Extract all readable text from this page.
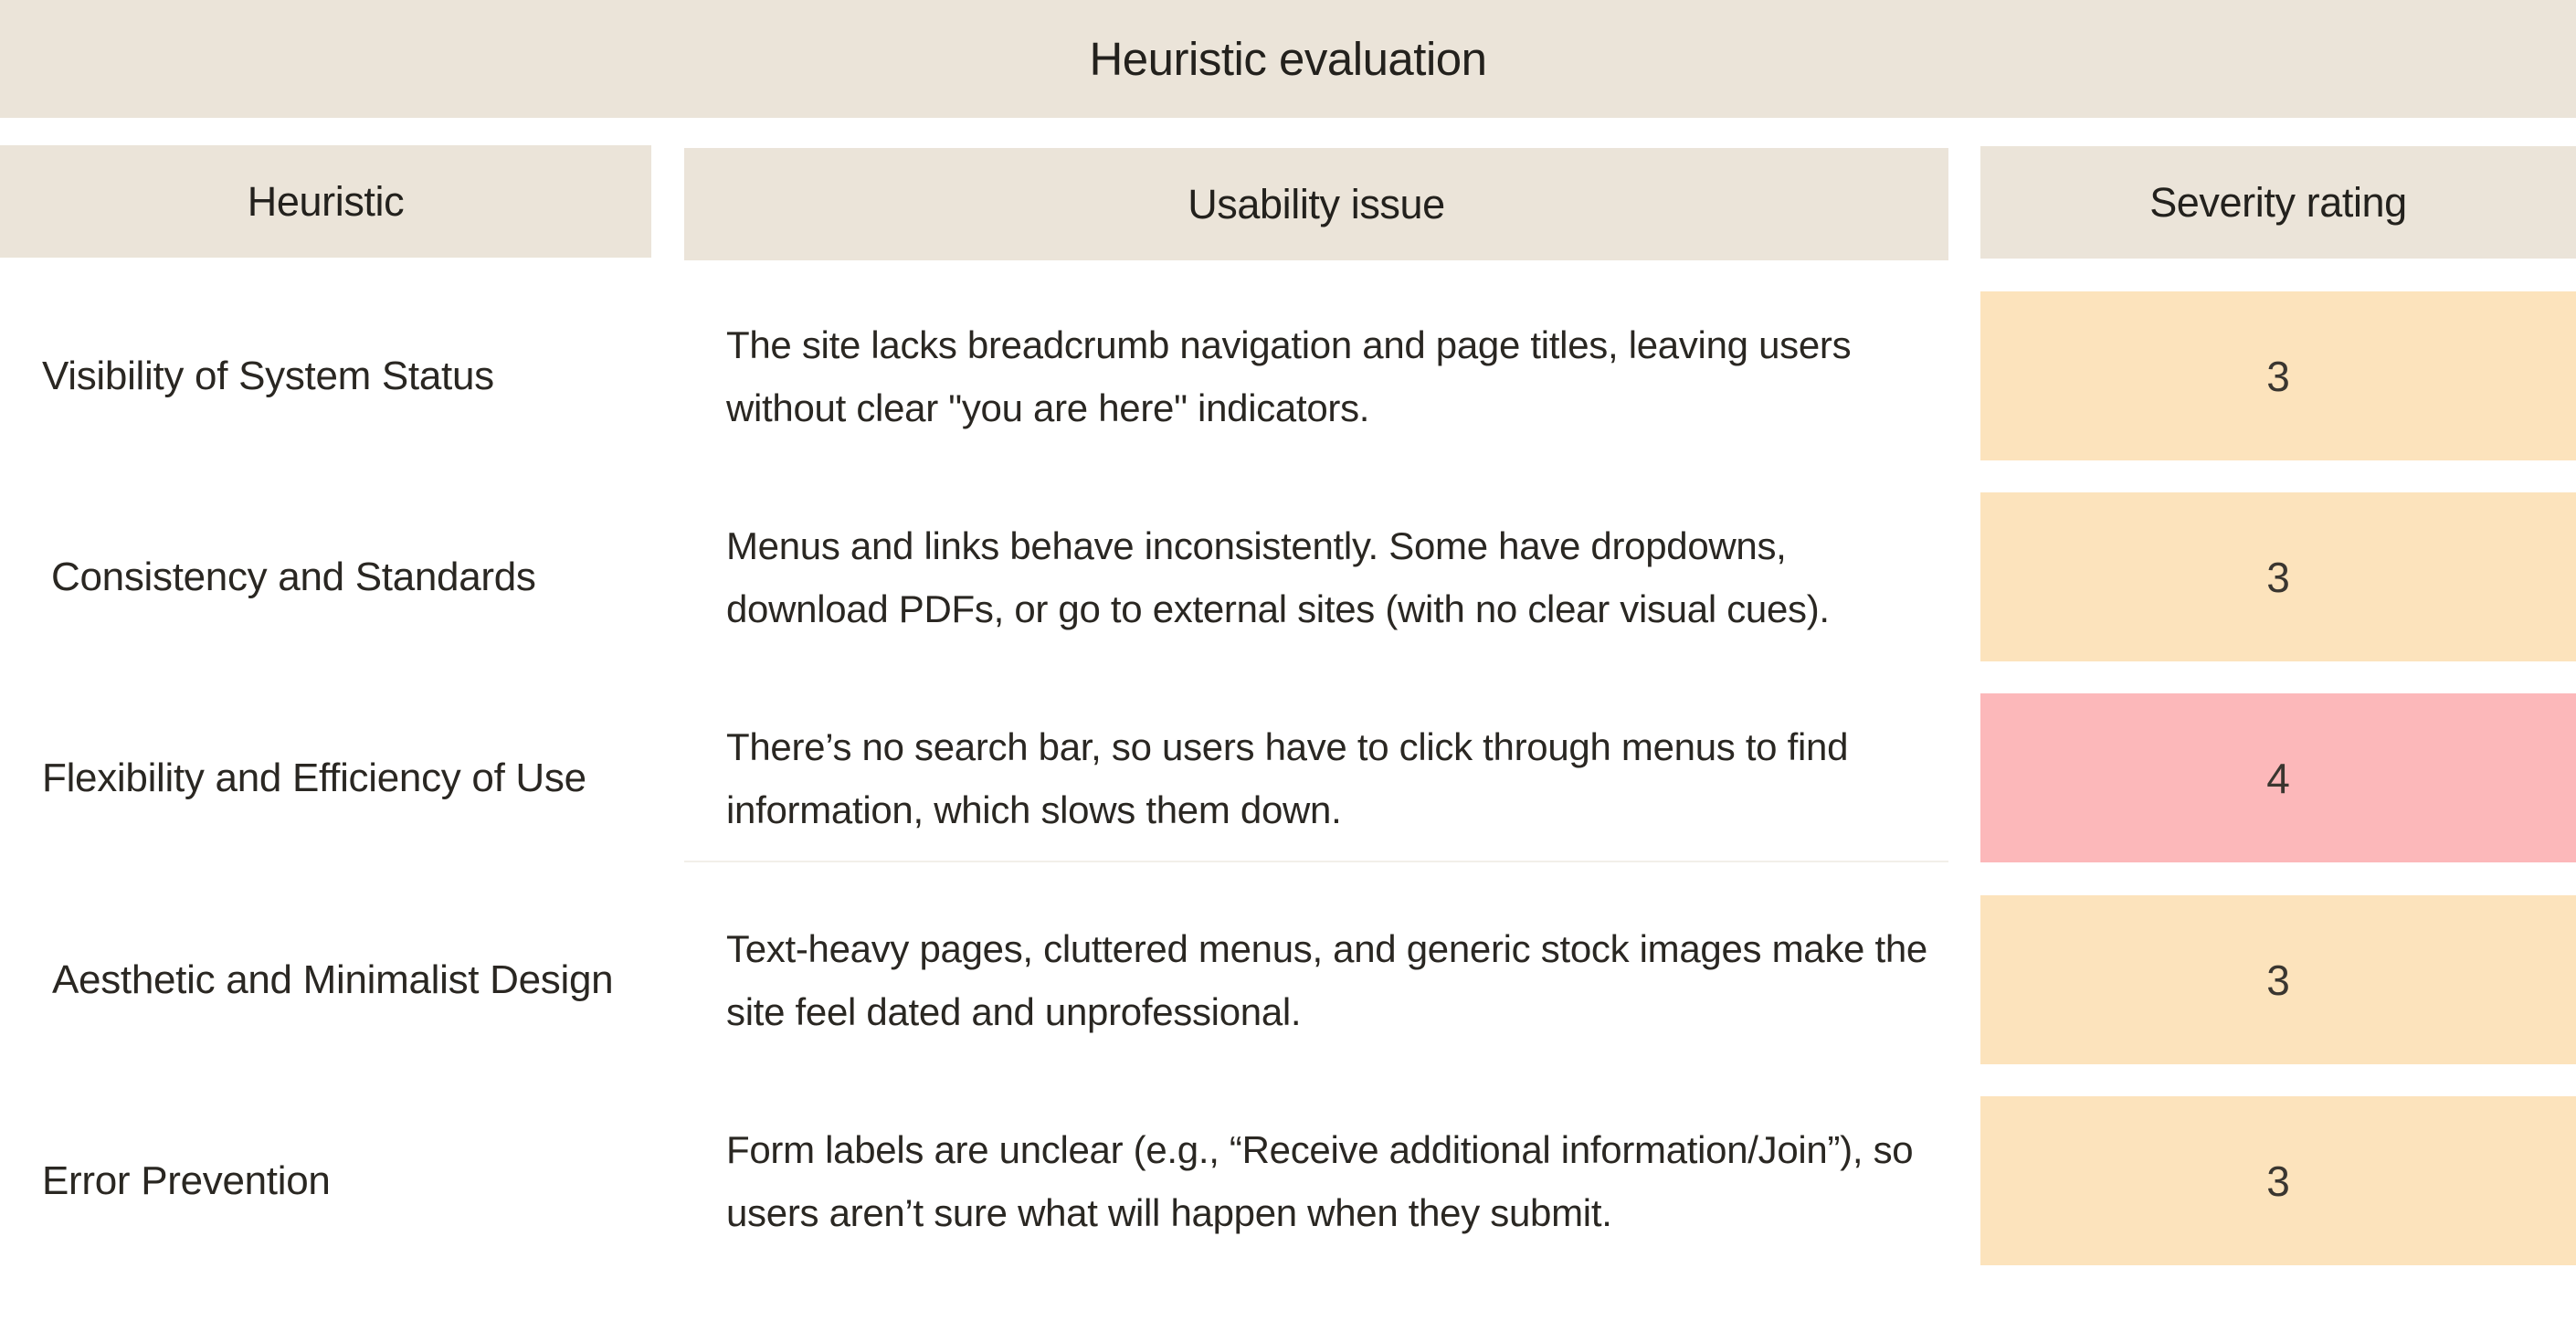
Heuristic evaluation
Heuristic	Usability issue	Severity rating
Visibility of System Status
The site lacks breadcrumb navigation and page titles, leaving users without clear "you are here" indicators.
3
Consistency and Standards
Menus and links behave inconsistently. Some have dropdowns, download PDFs, or go to external sites (with no clear visual cues).
3
Flexibility and Efficiency of Use
There’s no search bar, so users have to click through menus to find information, which slows them down.
4
Aesthetic and Minimalist Design
Text-heavy pages, cluttered menus, and generic stock images make the site feel dated and unprofessional.
3
Error Prevention
Form labels are unclear (e.g., “Receive additional information/Join”), so users aren’t sure what will happen when they submit.
3
